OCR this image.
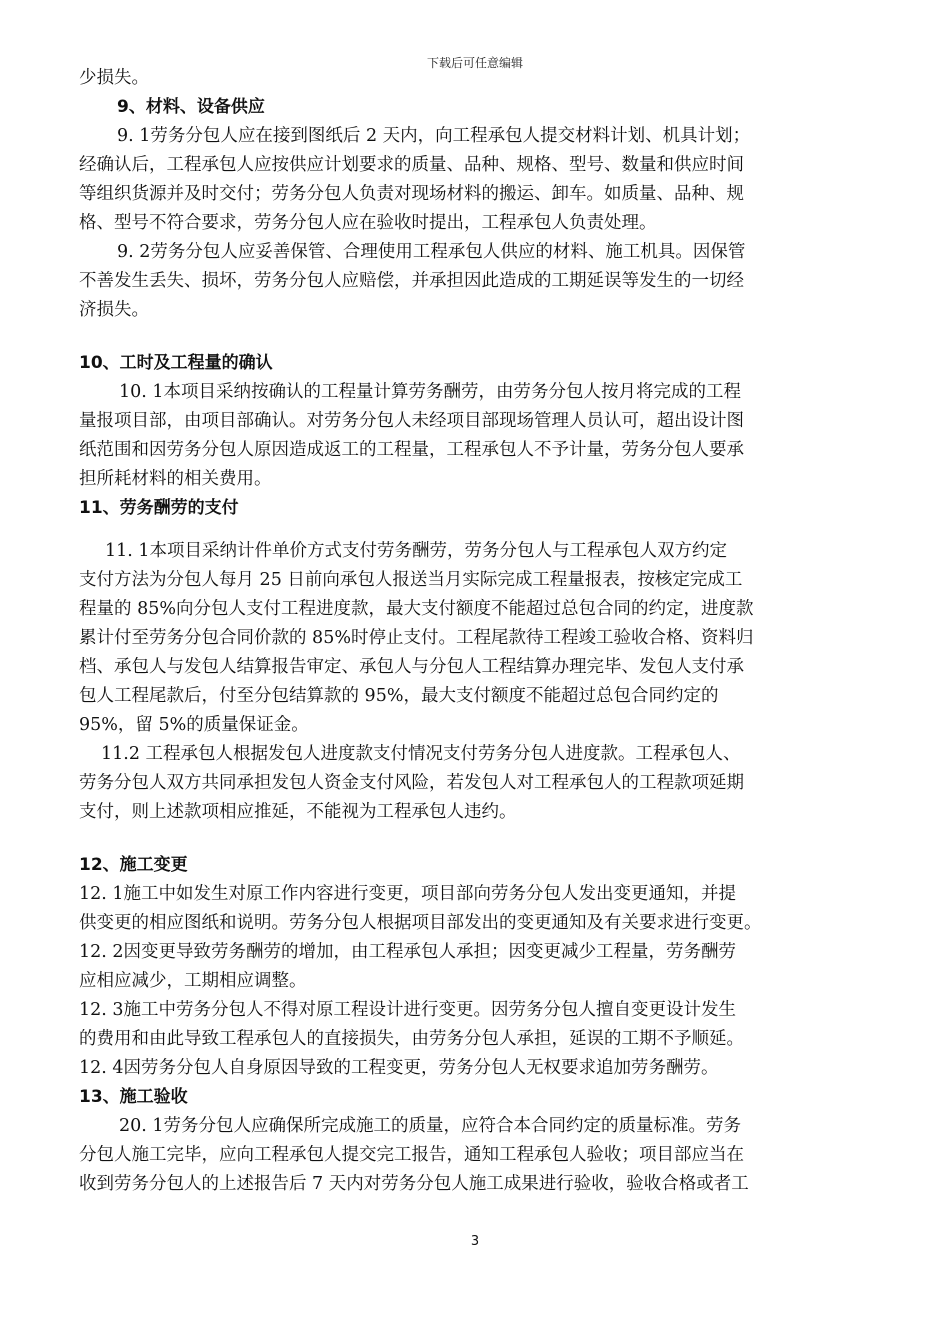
下载后可任意编辑
少损失。
9、材料、设备供应
9. 1劳务分包人应在接到图纸后 2 天内，向工程承包人提交材料计划、机具计划；
经确认后，工程承包人应按供应计划要求的质量、品种、规格、型号、数量和供应时间
等组织货源并及时交付；劳务分包人负责对现场材料的搬运、卸车。如质量、品种、规
格、型号不符合要求，劳务分包人应在验收时提出，工程承包人负责处理。
9. 2劳务分包人应妥善保管、合理使用工程承包人供应的材料、施工机具。因保管
不善发生丢失、损坏，劳务分包人应赔偿，并承担因此造成的工期延误等发生的一切经
济损失。
10、工时及工程量的确认
10. 1本项目采纳按确认的工程量计算劳务酬劳，由劳务分包人按月将完成的工程
量报项目部，由项目部确认。对劳务分包人未经项目部现场管理人员认可，超出设计图
纸范围和因劳务分包人原因造成返工的工程量，工程承包人不予计量，劳务分包人要承
担所耗材料的相关费用。
11、劳务酬劳的支付
11. 1本项目采纳计件单价方式支付劳务酬劳，劳务分包人与工程承包人双方约定
支付方法为分包人每月 25 日前向承包人报送当月实际完成工程量报表，按核定完成工
程量的 85%向分包人支付工程进度款，最大支付额度不能超过总包合同的约定，进度款
累计付至劳务分包合同价款的 85%时停止支付。工程尾款待工程竣工验收合格、资料归
档、承包人与发包人结算报告审定、承包人与分包人工程结算办理完毕、发包人支付承
包人工程尾款后，付至分包结算款的 95%，最大支付额度不能超过总包合同约定的
95%，留 5%的质量保证金。
11.2 工程承包人根据发包人进度款支付情况支付劳务分包人进度款。工程承包人、
劳务分包人双方共同承担发包人资金支付风险，若发包人对工程承包人的工程款项延期
支付，则上述款项相应推延，不能视为工程承包人违约。
12、施工变更
12. 1施工中如发生对原工作内容进行变更，项目部向劳务分包人发出变更通知，并提
供变更的相应图纸和说明。劳务分包人根据项目部发出的变更通知及有关要求进行变更。
12. 2因变更导致劳务酬劳的增加，由工程承包人承担；因变更减少工程量，劳务酬劳
应相应减少，工期相应调整。
12. 3施工中劳务分包人不得对原工程设计进行变更。因劳务分包人擅自变更设计发生
的费用和由此导致工程承包人的直接损失，由劳务分包人承担，延误的工期不予顺延。
12. 4因劳务分包人自身原因导致的工程变更，劳务分包人无权要求追加劳务酬劳。
13、施工验收
20. 1劳务分包人应确保所完成施工的质量，应符合本合同约定的质量标准。劳务
分包人施工完毕，应向工程承包人提交完工报告，通知工程承包人验收；项目部应当在
收到劳务分包人的上述报告后 7 天内对劳务分包人施工成果进行验收，验收合格或者工
3
